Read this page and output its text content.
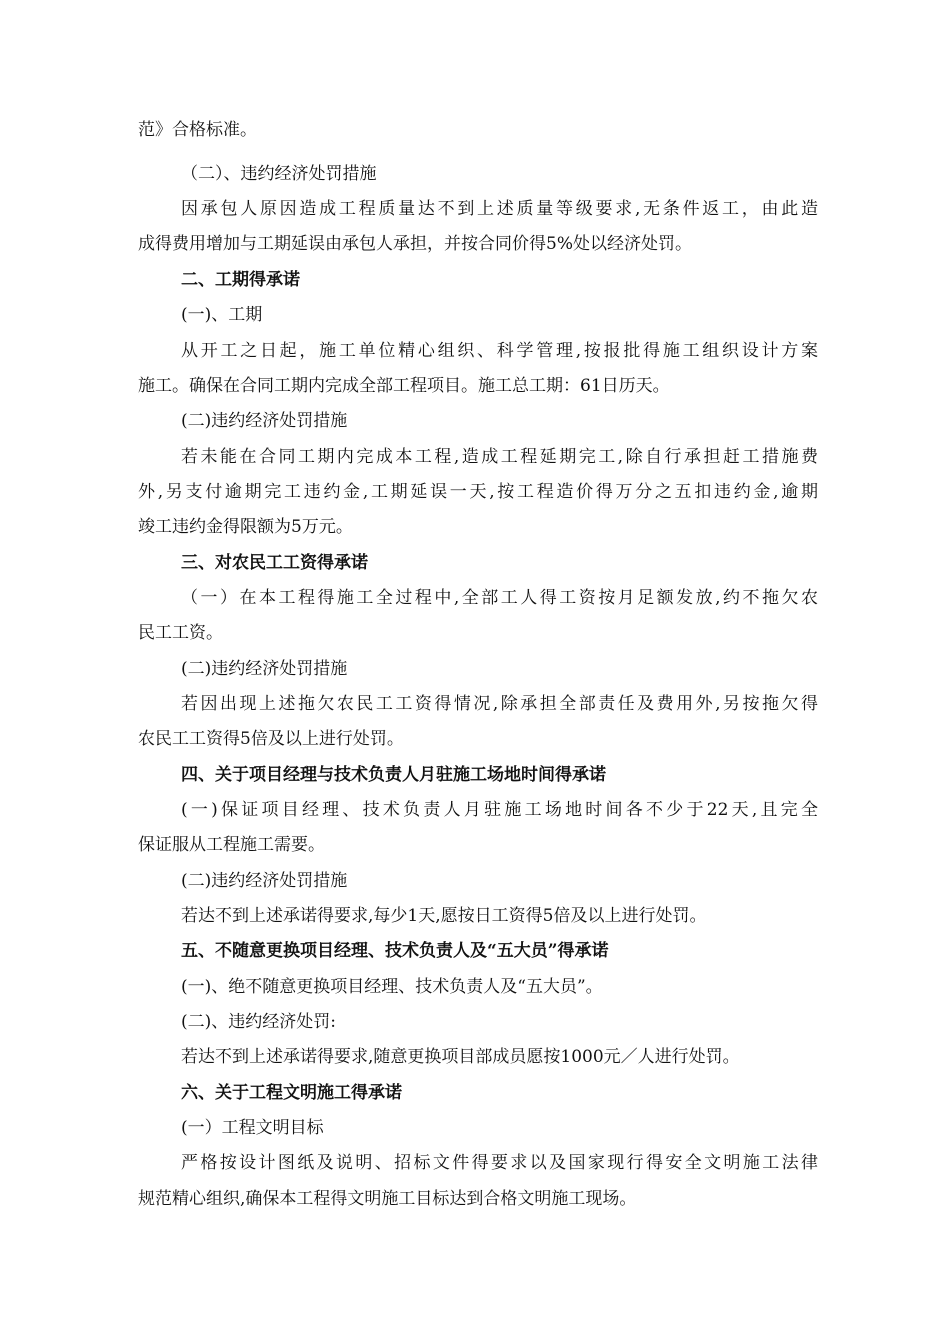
范》合格标准。
（二）、违约经济处罚措施
因承包人原因造成工程质量达不到上述质量等级要求,无条件返工，由此造
成得费用增加与工期延误由承包人承担，并按合同价得5%处以经济处罚。
二、工期得承诺
(一)、工期
从开工之日起，施工单位精心组织、科学管理,按报批得施工组织设计方案
施工。确保在合同工期内完成全部工程项目。施工总工期：61日历天。
(二)违约经济处罚措施
若未能在合同工期内完成本工程,造成工程延期完工,除自行承担赶工措施费
外,另支付逾期完工违约金,工期延误一天,按工程造价得万分之五扣违约金,逾期
竣工违约金得限额为5万元。
三、对农民工工资得承诺
（一）在本工程得施工全过程中,全部工人得工资按月足额发放,约不拖欠农
民工工资。
(二)违约经济处罚措施
若因出现上述拖欠农民工工资得情况,除承担全部责任及费用外,另按拖欠得
农民工工资得5倍及以上进行处罚。
四、关于项目经理与技术负责人月驻施工场地时间得承诺
(一)保证项目经理、技术负责人月驻施工场地时间各不少于22天,且完全
保证服从工程施工需要。
(二)违约经济处罚措施
若达不到上述承诺得要求,每少1天,愿按日工资得5倍及以上进行处罚。
五、不随意更换项目经理、技术负责人及“五大员”得承诺
(一)、绝不随意更换项目经理、技术负责人及“五大员”。
(二)、违约经济处罚:
若达不到上述承诺得要求,随意更换项目部成员愿按1000元／人进行处罚。
六、关于工程文明施工得承诺
(一）工程文明目标
严格按设计图纸及说明、招标文件得要求以及国家现行得安全文明施工法律
规范精心组织,确保本工程得文明施工目标达到合格文明施工现场。
